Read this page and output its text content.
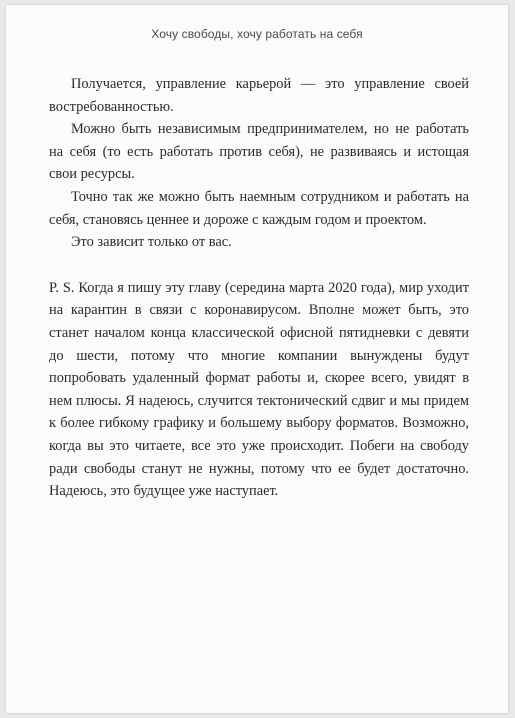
Хочу свободы, хочу работать на себя

Получается, управление карьерой — это управление своей востребованностью.

Можно быть независимым предпринимателем, но не работать на себя (то есть работать против себя), не развиваясь и истощая свои ресурсы.

Точно так же можно быть наемным сотрудником и работать на себя, становясь ценнее и дороже с каждым годом и проектом.

Это зависит только от вас.

P. S. Когда я пишу эту главу (середина марта 2020 года), мир уходит на карантин в связи с коронавирусом. Вполне может быть, это станет началом конца классической офисной пятидневки с девяти до шести, потому что многие компании вынуждены будут попробовать удаленный формат работы и, скорее всего, увидят в нем плюсы. Я надеюсь, случится тектонический сдвиг и мы придем к более гибкому графику и большему выбору форматов. Возможно, когда вы это читаете, все это уже происходит. Побеги на свободу ради свободы станут не нужны, потому что ее будет достаточно. Надеюсь, это будущее уже наступает.
